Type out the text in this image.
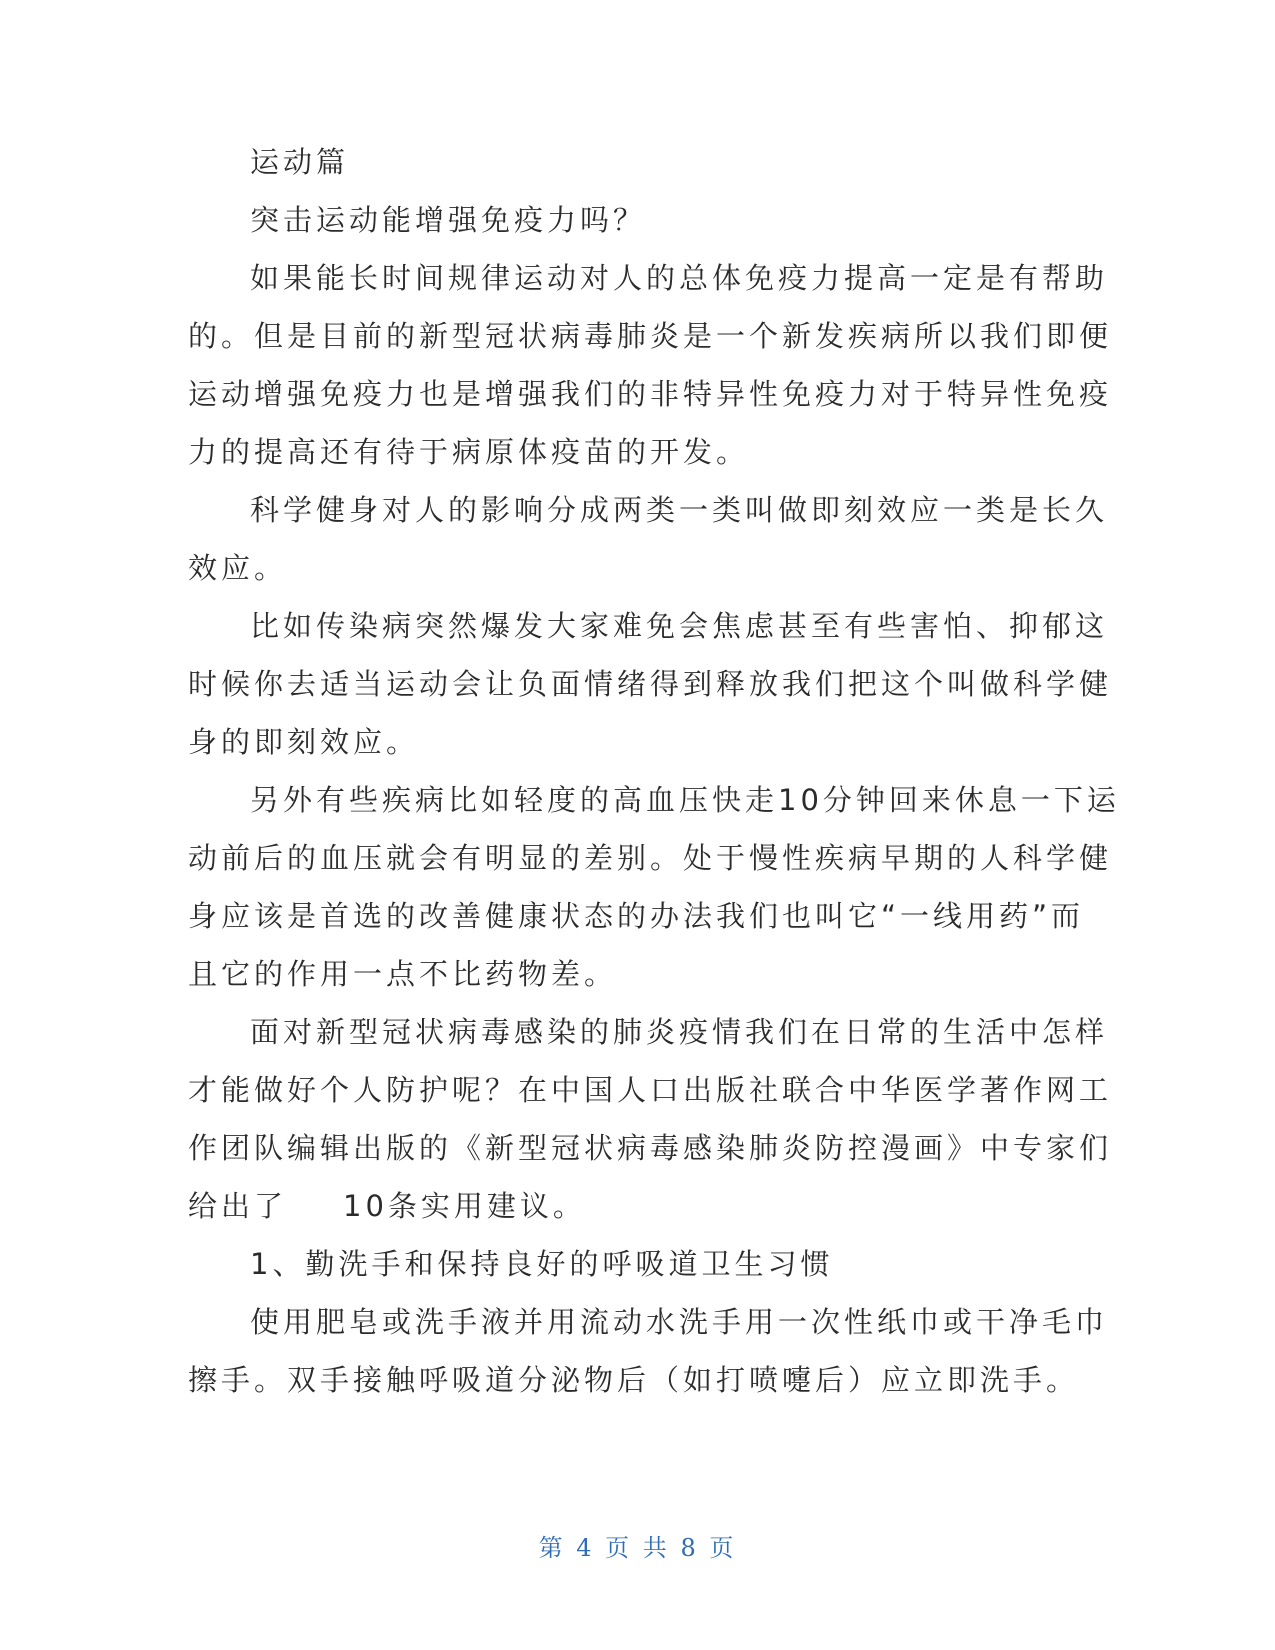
运动篇
突击运动能增强免疫力吗？
如果能长时间规律运动对人的总体免疫力提高一定是有帮助
的。但是目前的新型冠状病毒肺炎是一个新发疾病所以我们即便
运动增强免疫力也是增强我们的非特异性免疫力对于特异性免疫
力的提高还有待于病原体疫苗的开发。
科学健身对人的影响分成两类一类叫做即刻效应一类是长久
效应。
比如传染病突然爆发大家难免会焦虑甚至有些害怕、抑郁这
时候你去适当运动会让负面情绪得到释放我们把这个叫做科学健
身的即刻效应。
另外有些疾病比如轻度的高血压快走10分钟回来休息一下运
动前后的血压就会有明显的差别。处于慢性疾病早期的人科学健
身应该是首选的改善健康状态的办法我们也叫它“一线用药”而
且它的作用一点不比药物差。
面对新型冠状病毒感染的肺炎疫情我们在日常的生活中怎样
才能做好个人防护呢？在中国人口出版社联合中华医学著作网工
作团队编辑出版的《新型冠状病毒感染肺炎防控漫画》中专家们
给出了 10条实用建议。
1、勤洗手和保持良好的呼吸道卫生习惯
使用肥皂或洗手液并用流动水洗手用一次性纸巾或干净毛巾
擦手。双手接触呼吸道分泌物后（如打喷嚏后）应立即洗手。
第 4 页 共 8 页
